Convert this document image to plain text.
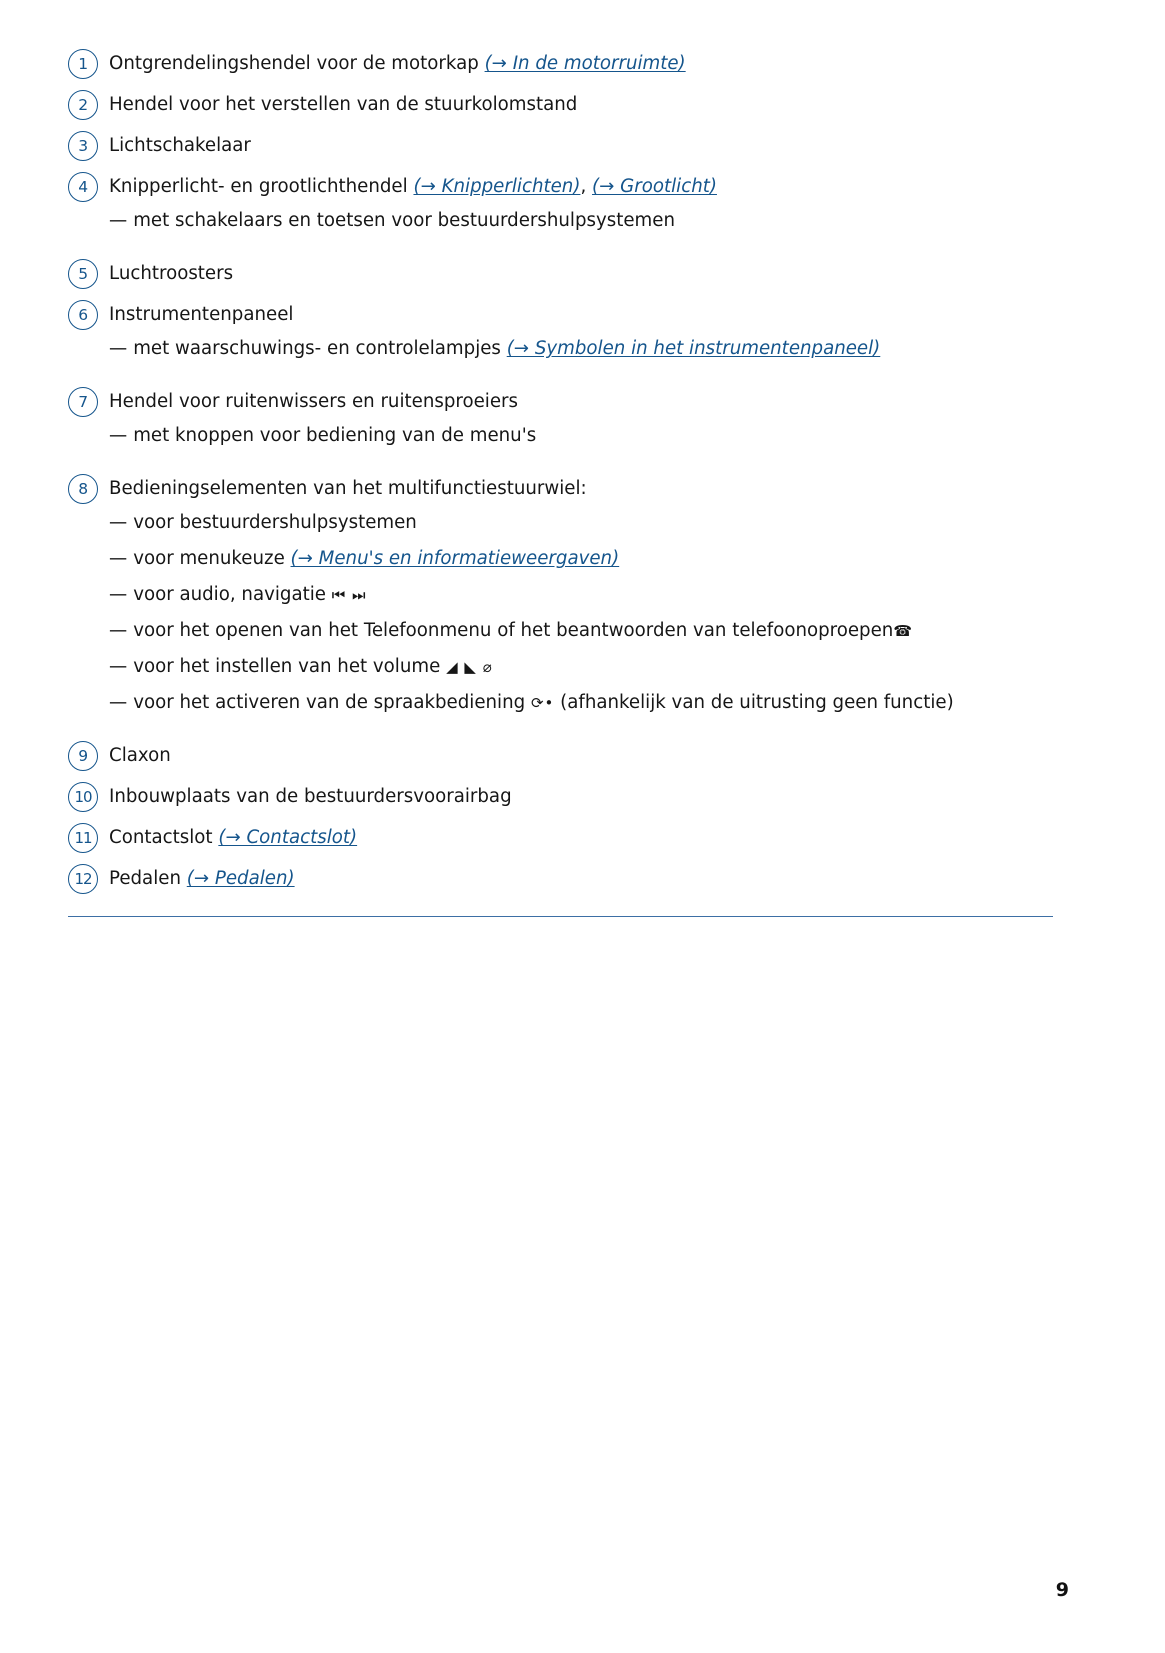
1	Ontgrendelingshendel voor de motorkap (→ In de motorruimte)
2	Hendel voor het verstellen van de stuurkolomstand
3	Lichtschakelaar
4	Knipperlicht- en grootlichthendel (→ Knipperlichten), (→ Grootlicht)
— met schakelaars en toetsen voor bestuurdershulpsystemen
5	Luchtroosters
6	Instrumentenpaneel
— met waarschuwings- en controlelampjes (→ Symbolen in het instrumentenpaneel)
7	Hendel voor ruitenwissers en ruitensproeiers
— met knoppen voor bediening van de menu's
8	Bedieningselementen van het multifunctiestuurwiel:
— voor bestuurdershulpsystemen
— voor menukeuze (→ Menu's en informatieweergaven)
— voor audio, navigatie ⏮ ⏭
— voor het openen van het Telefoonmenu of het beantwoorden van telefoonoproepen☎
— voor het instellen van het volume ◢ ◣ ⌀
— voor het activeren van de spraakbediening ⟳• (afhankelijk van de uitrusting geen functie)
9	Claxon
10 Inbouwplaats van de bestuurdersvoorairbag
11 Contactslot (→ Contactslot)
12 Pedalen (→ Pedalen)
9
